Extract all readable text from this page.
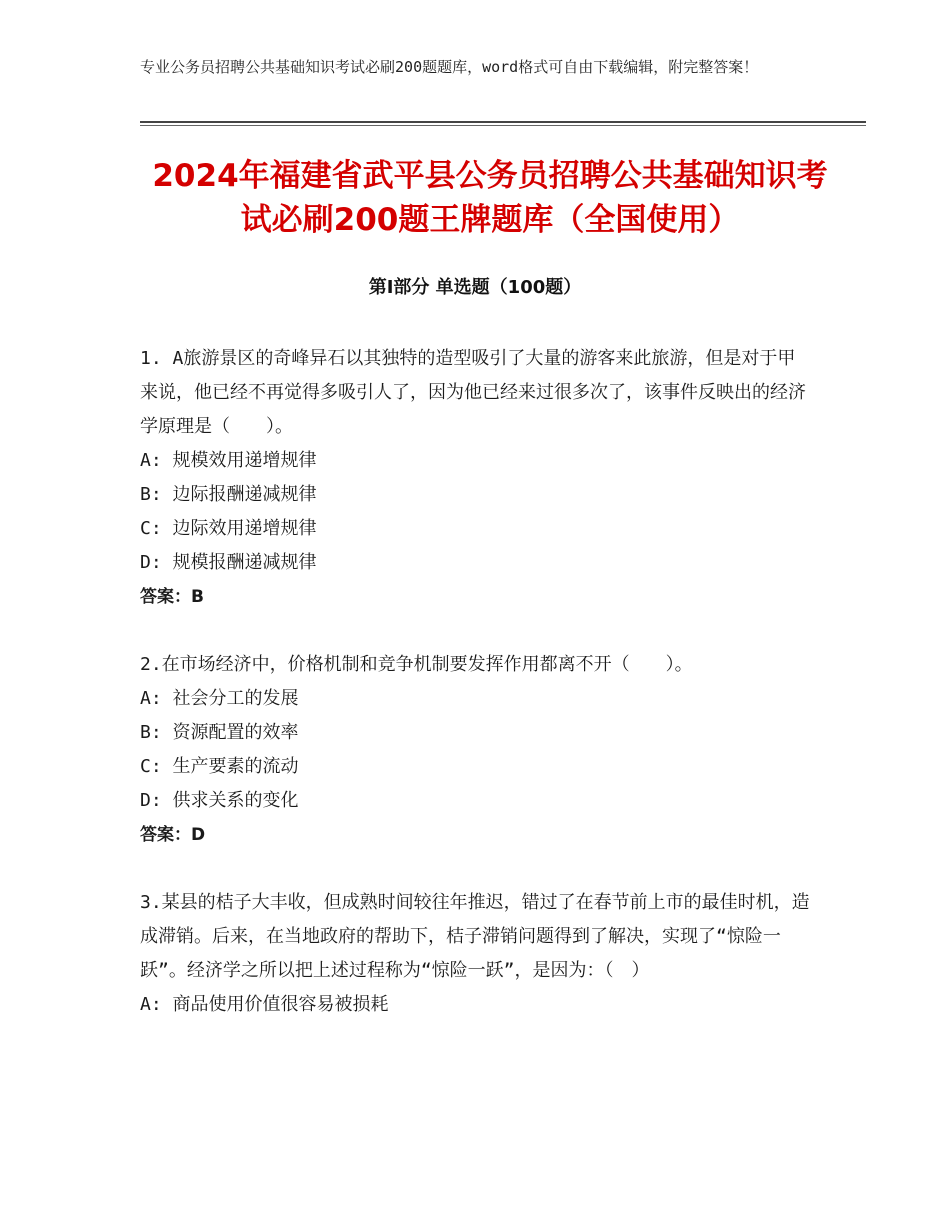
专业公务员招聘公共基础知识考试必刷200题题库，word格式可自由下载编辑，附完整答案！
2024年福建省武平县公务员招聘公共基础知识考试必刷200题王牌题库（全国使用）
第Ⅰ部分 单选题（100题）

1. A旅游景区的奇峰异石以其独特的造型吸引了大量的游客来此旅游，但是对于甲来说，他已经不再觉得多吸引人了，因为他已经来过很多次了，该事件反映出的经济学原理是（　　）。

A: 规模效用递增规律

B: 边际报酬递减规律

C: 边际效用递增规律

D: 规模报酬递减规律

答案：B

2.在市场经济中，价格机制和竞争机制要发挥作用都离不开（　　）。

A: 社会分工的发展

B: 资源配置的效率

C: 生产要素的流动

D: 供求关系的变化

答案：D

3.某县的桔子大丰收，但成熟时间较往年推迟，错过了在春节前上市的最佳时机，造成滞销。后来，在当地政府的帮助下，桔子滞销问题得到了解决，实现了“惊险一跃”。经济学之所以把上述过程称为“惊险一跃”，是因为：（　）

A: 商品使用价值很容易被损耗
